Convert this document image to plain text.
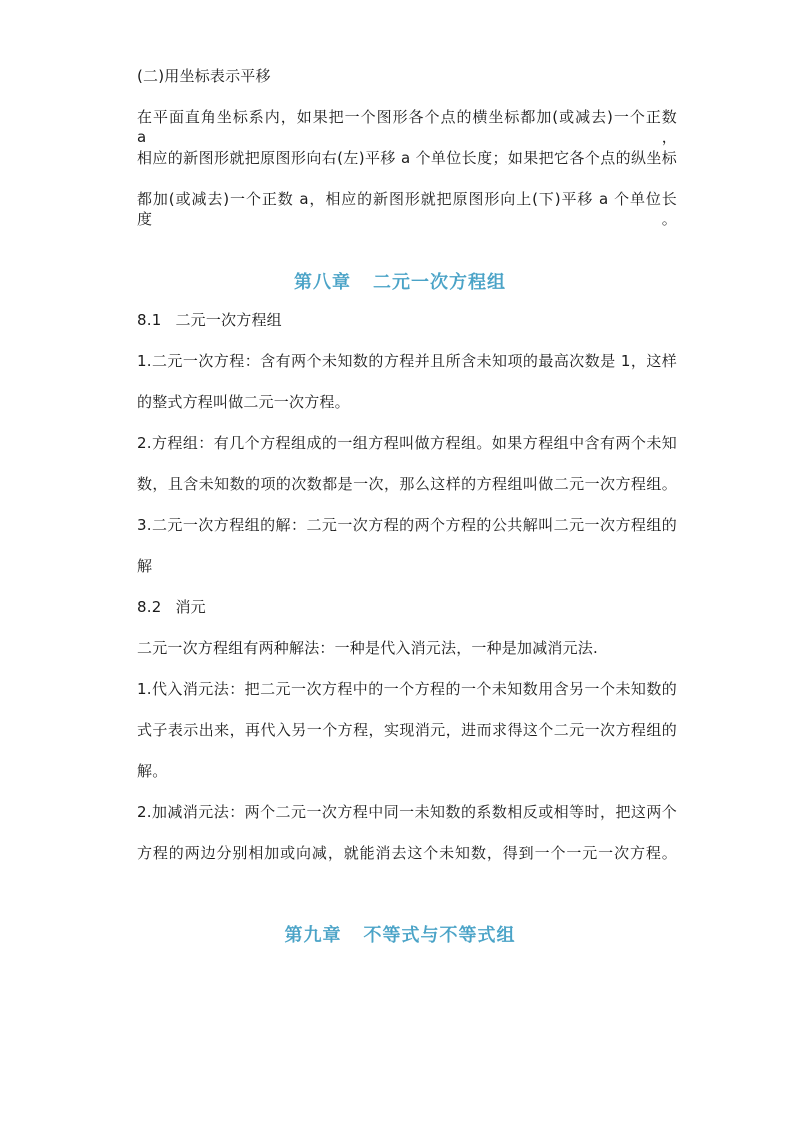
(二)用坐标表示平移
在平面直角坐标系内，如果把一个图形各个点的横坐标都加(或减去)一个正数 a，
相应的新图形就把原图形向右(左)平移 a 个单位长度；如果把它各个点的纵坐标
都加(或减去)一个正数 a，相应的新图形就把原图形向上(下)平移 a 个单位长度。
第八章 二元一次方程组
8.1 二元一次方程组
1.二元一次方程：含有两个未知数的方程并且所含未知项的最高次数是 1，这样
的整式方程叫做二元一次方程。
2.方程组：有几个方程组成的一组方程叫做方程组。如果方程组中含有两个未知
数，且含未知数的项的次数都是一次，那么这样的方程组叫做二元一次方程组。
3.二元一次方程组的解：二元一次方程的两个方程的公共解叫二元一次方程组的
解
8.2 消元
二元一次方程组有两种解法：一种是代入消元法，一种是加减消元法.
1.代入消元法：把二元一次方程中的一个方程的一个未知数用含另一个未知数的
式子表示出来，再代入另一个方程，实现消元，进而求得这个二元一次方程组的
解。
2.加减消元法：两个二元一次方程中同一未知数的系数相反或相等时，把这两个
方程的两边分别相加或向减，就能消去这个未知数，得到一个一元一次方程。
第九章 不等式与不等式组
